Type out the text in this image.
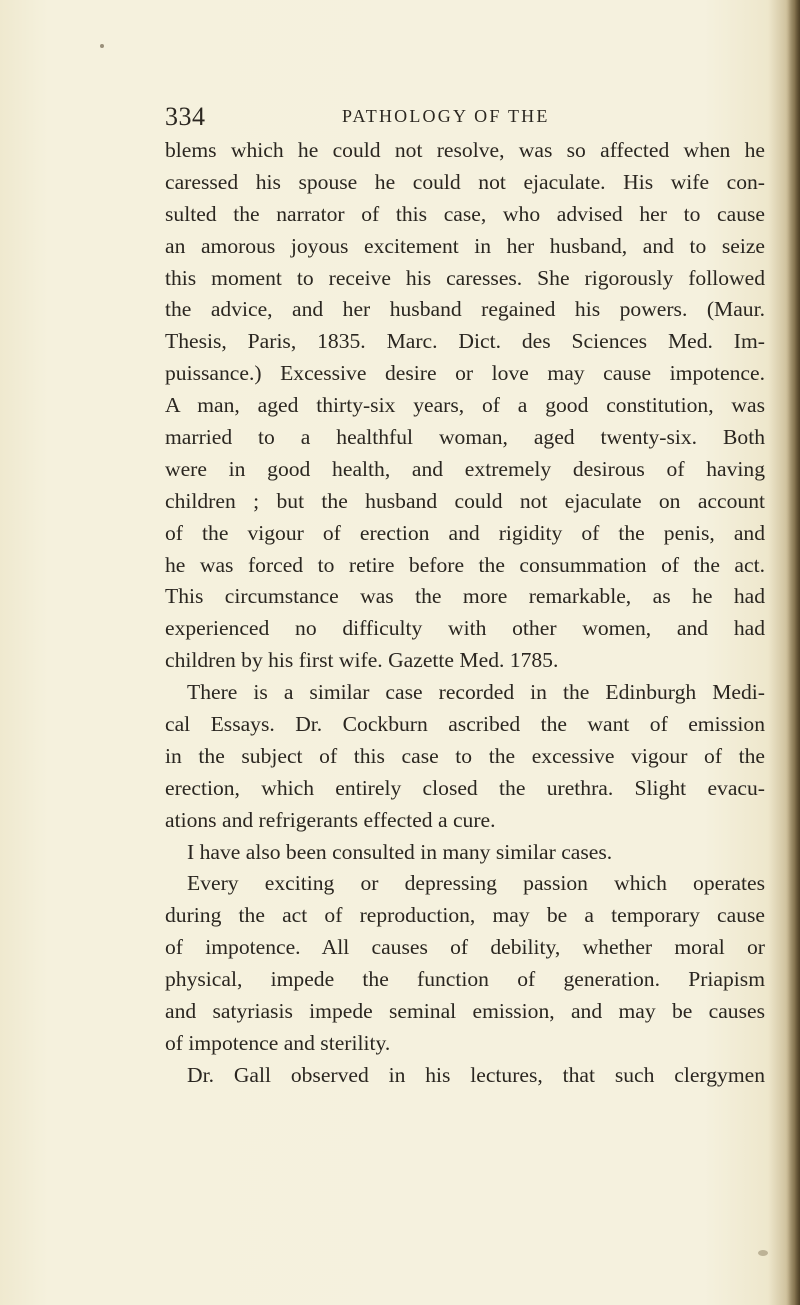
334	PATHOLOGY OF THE
blems which he could not resolve, was so affected when he
caressed his spouse he could not ejaculate. His wife con-
sulted the narrator of this case, who advised her to cause
an amorous joyous excitement in her husband, and to seize
this moment to receive his caresses. She rigorously followed
the advice, and her husband regained his powers. (Maur.
Thesis, Paris, 1835. Marc. Dict. des Sciences Med. Im-
puissance.) Excessive desire or love may cause impotence.
A man, aged thirty-six years, of a good constitution, was
married to a healthful woman, aged twenty-six. Both
were in good health, and extremely desirous of having
children ; but the husband could not ejaculate on account
of the vigour of erection and rigidity of the penis, and
he was forced to retire before the consummation of the act.
This circumstance was the more remarkable, as he had
experienced no difficulty with other women, and had
children by his first wife. Gazette Med. 1785.
There is a similar case recorded in the Edinburgh Medi-
cal Essays. Dr. Cockburn ascribed the want of emission
in the subject of this case to the excessive vigour of the
erection, which entirely closed the urethra. Slight evacu-
ations and refrigerants effected a cure.
I have also been consulted in many similar cases.
Every exciting or depressing passion which operates
during the act of reproduction, may be a temporary cause
of impotence. All causes of debility, whether moral or
physical, impede the function of generation. Priapism
and satyriasis impede seminal emission, and may be causes
of impotence and sterility.
Dr. Gall observed in his lectures, that such clergymen
